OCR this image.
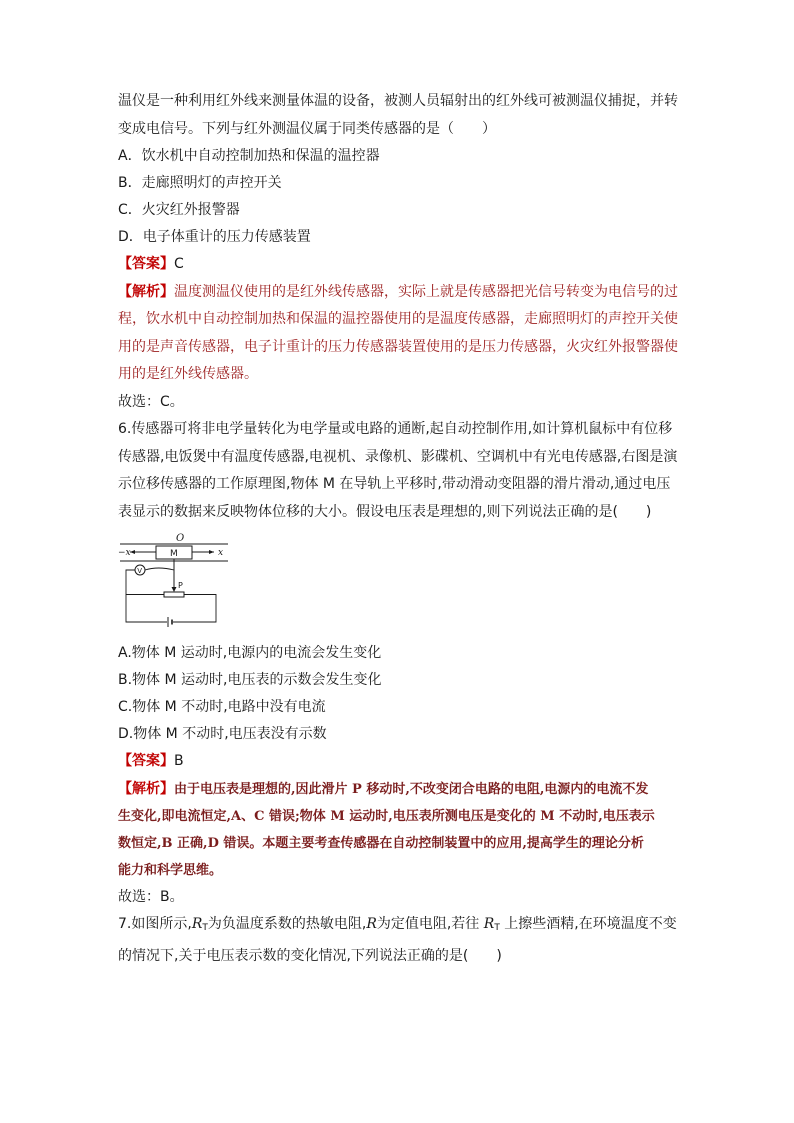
温仪是一种利用红外线来测量体温的设备，被测人员辐射出的红外线可被测温仪捕捉，并转
变成电信号。下列与红外测温仪属于同类传感器的是（　　）
A．饮水机中自动控制加热和保温的温控器
B．走廊照明灯的声控开关
C．火灾红外报警器
D．电子体重计的压力传感装置
【答案】C
【解析】温度测温仪使用的是红外线传感器，实际上就是传感器把光信号转变为电信号的过
程，饮水机中自动控制加热和保温的温控器使用的是温度传感器，走廊照明灯的声控开关使
用的是声音传感器，电子计重计的压力传感器装置使用的是压力传感器，火灾红外报警器使
用的是红外线传感器。
故选：C。
6.传感器可将非电学量转化为电学量或电路的通断,起自动控制作用,如计算机鼠标中有位移
传感器,电饭煲中有温度传感器,电视机、录像机、影碟机、空调机中有光电传感器,右图是演
示位移传感器的工作原理图,物体 M 在导轨上平移时,带动滑动变阻器的滑片滑动,通过电压
表显示的数据来反映物体位移的大小。假设电压表是理想的,则下列说法正确的是(　　)
O
−x	x
M
P
V
A.物体 M 运动时,电源内的电流会发生变化
B.物体 M 运动时,电压表的示数会发生变化
C.物体 M 不动时,电路中没有电流
D.物体 M 不动时,电压表没有示数
【答案】B
【解析】由于电压表是理想的,因此滑片 P 移动时,不改变闭合电路的电阻,电源内的电流不发
生变化,即电流恒定,A、C 错误;物体 M 运动时,电压表所测电压是变化的 M 不动时,电压表示
数恒定,B 正确,D 错误。本题主要考查传感器在自动控制装置中的应用,提高学生的理论分析
能力和科学思维。
故选：B。
7.如图所示$,R_T$为负温度系数的热敏电阻,R为定值电阻,若往 $R_T$ 上擦些酒精,在环境温度不变
的情况下,关于电压表示数的变化情况,下列说法正确的是(　　)
